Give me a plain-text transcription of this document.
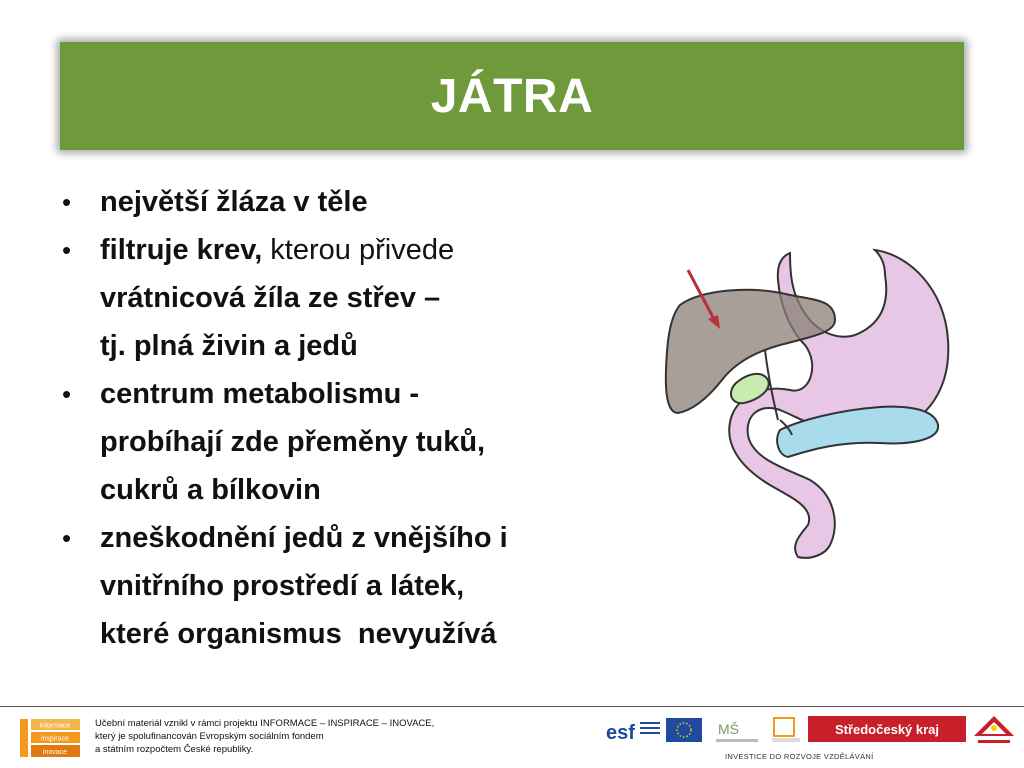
JÁTRA
• největší žláza v těle
• filtruje krev, kterou přivede
vrátnicová žíla ze střev –
tj. plná živin a jedů
• centrum metabolismu -
probíhají zde přeměny tuků,
cukrů a bílkovin
• zneškodnění jedů z vnějšího i
vnitřního prostředí a látek,
které organismus  nevyužívá
informace
inspirace
inovace
Učební materiál vznikl v rámci projektu INFORMACE – INSPIRACE – INOVACE,
který je spolufinancován Evropským sociálním fondem
a státním rozpočtem České republiky.
esf	MŠ	Středočeský kraj
INVESTICE DO ROZVOJE VZDĚLÁVÁNÍ
